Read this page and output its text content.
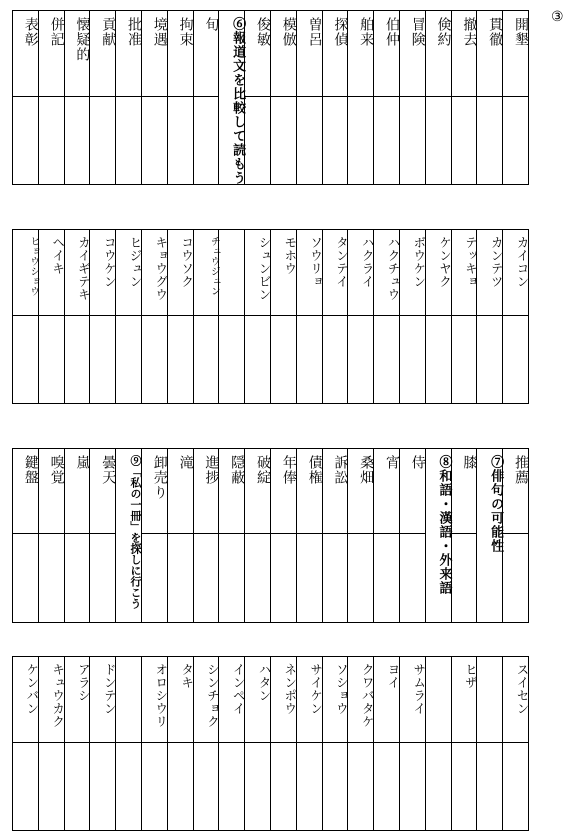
③
開墾
貫徹
撤去
倹約
冒険
伯仲
舶来
探偵
曽呂
模倣
俊敏
⑥報道文を比較して読もう
旬
拘束
境遇
批准
貢献
懐疑的
併記
表彰
カイコン
カンテツ
テッキョ
ケンヤク
ボウケン
ハクチュウ
ハクライ
タンテイ
ソウリョ
モホウ
シュンビン
チュウジュン
コウソク
キョウグウ
ヒジュン
コウケン
カイギテキ
ヘイキ
ヒョウショウ
推薦
⑦俳句の可能性
膝
⑧和語・漢語・外来語
侍
宵
桑畑
訴訟
債権
年俸
破綻
隠蔽
進捗
滝
卸売り
⑨「私の一冊」を探しに行こう
曇天
嵐
嗅覚
鍵盤
スイセン
ヒザ
サムライ
ヨイ
クワバタケ
ソショウ
サイケン
ネンポウ
ハタン
インペイ
シンチョク
タキ
オロシウリ
ドンテン
アラシ
キュウカク
ケンバン
